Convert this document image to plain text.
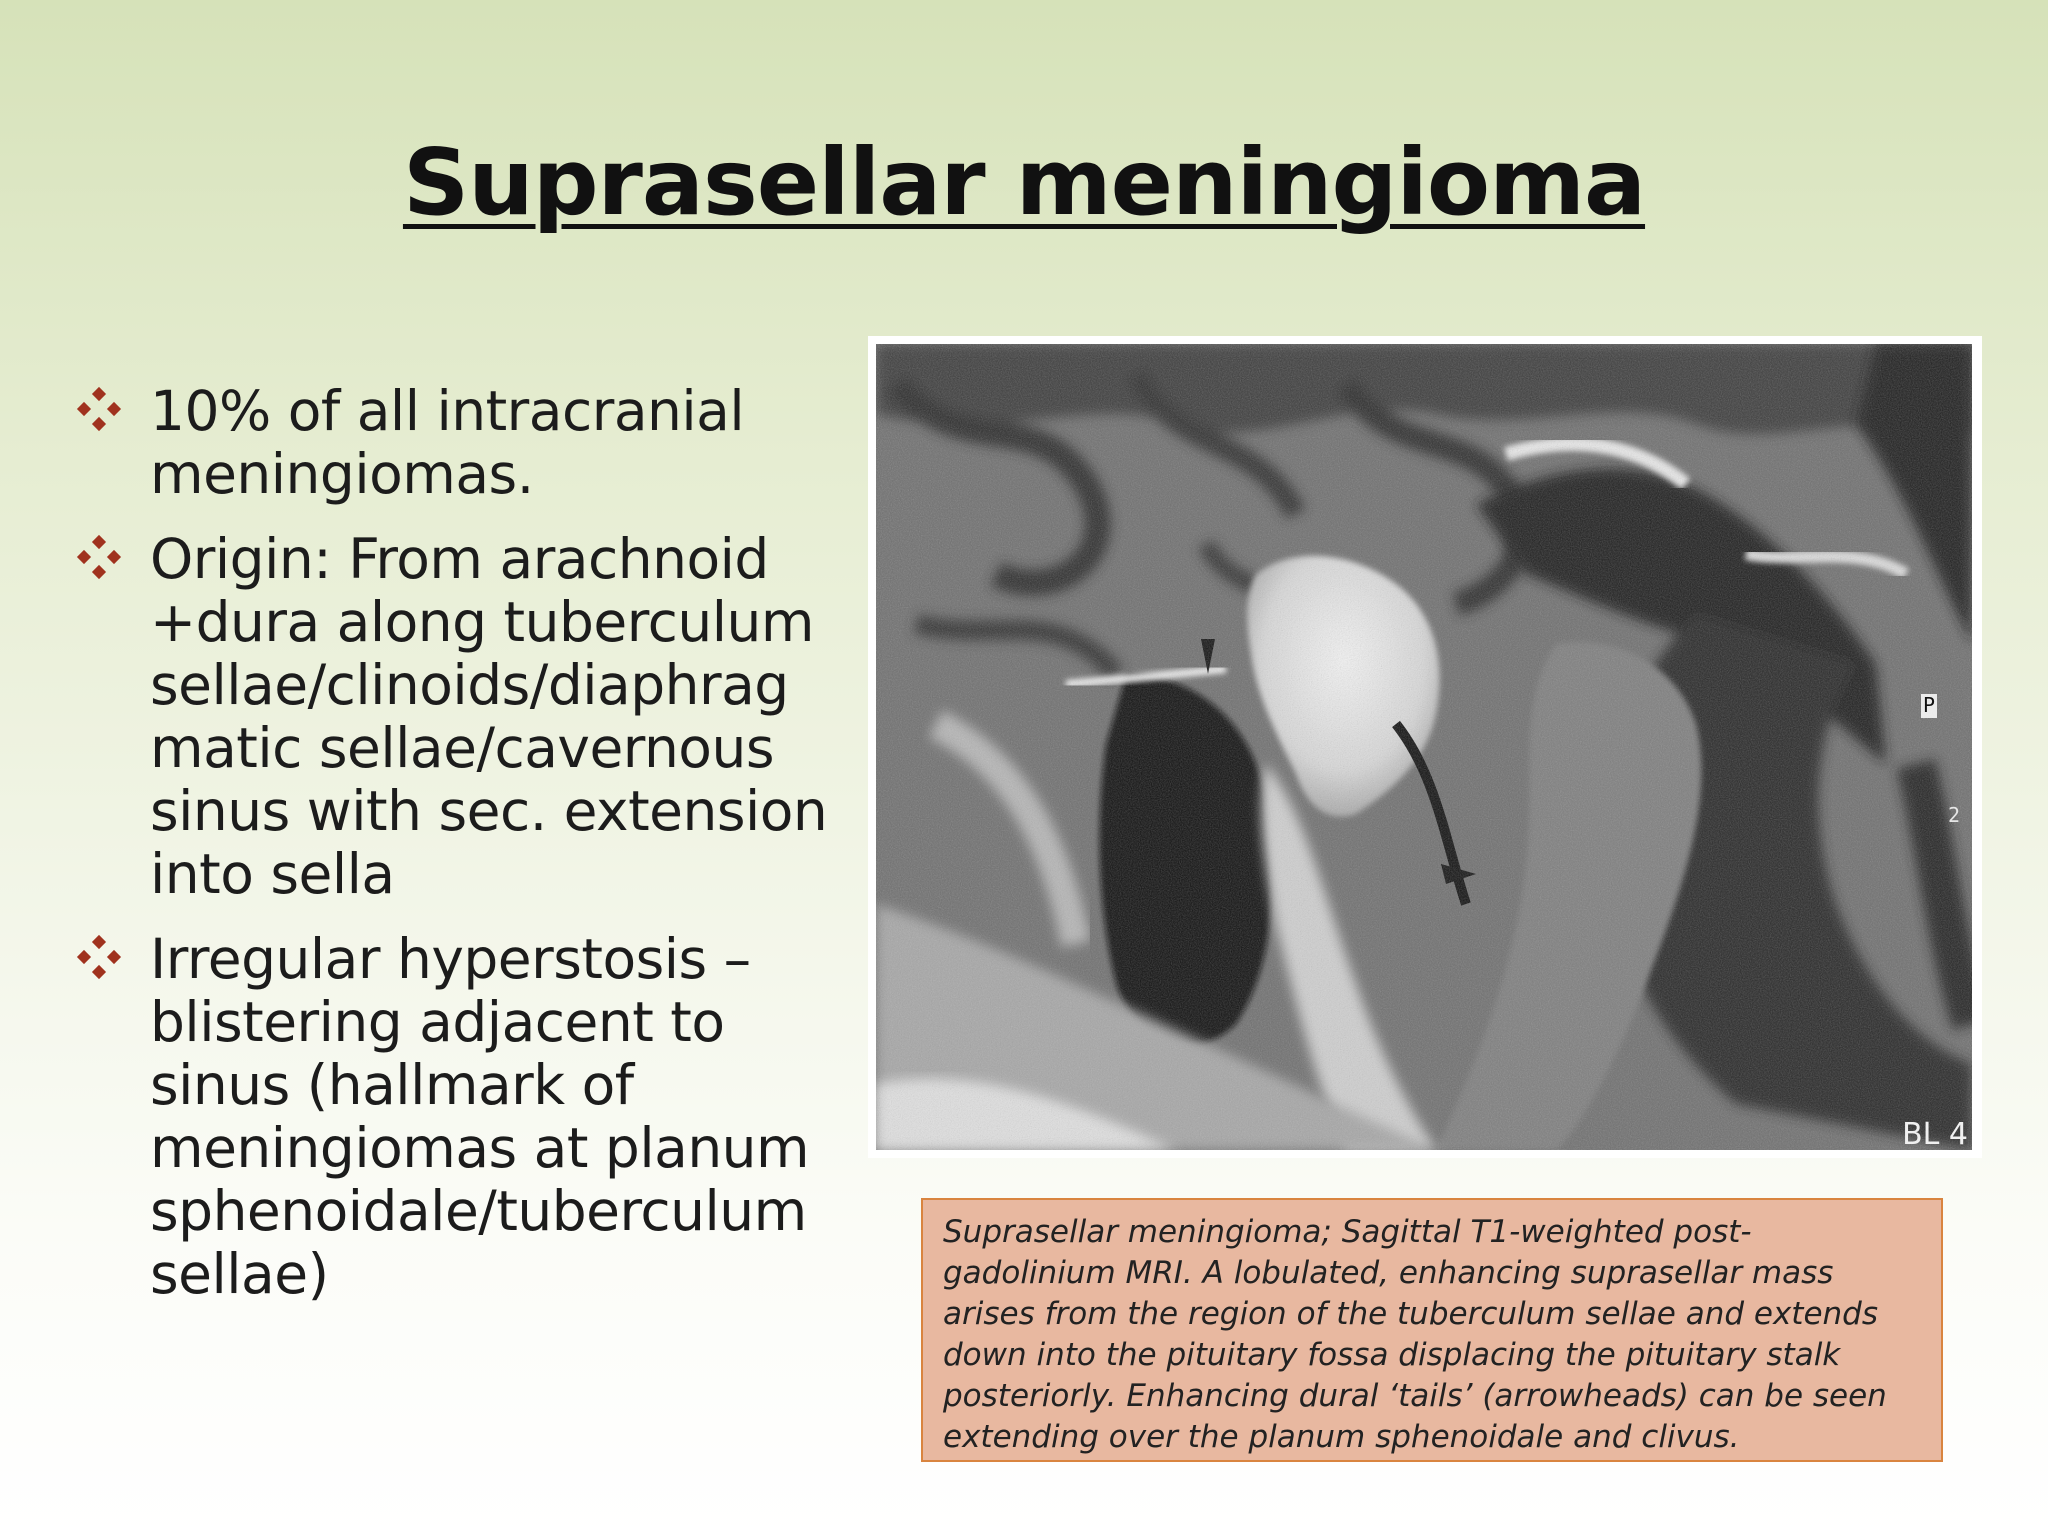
Suprasellar meningioma
10% of all intracranial meningiomas.
Origin: From arachnoid +dura along tuberculum sellae/clinoids/diaphrag matic sellae/cavernous sinus with sec. extension into sella
Irregular hyperstosis – blistering adjacent to sinus (hallmark of meningiomas at planum sphenoidale/tuberculum sellae)
P
2
BL 4

Suprasellar meningioma; Sagittal T1-weighted post-gadolinium MRI. A lobulated, enhancing suprasellar mass arises from the region of the tuberculum sellae and extends down into the pituitary fossa displacing the pituitary stalk posteriorly. Enhancing dural ‘tails’ (arrowheads) can be seen extending over the planum sphenoidale and clivus.
